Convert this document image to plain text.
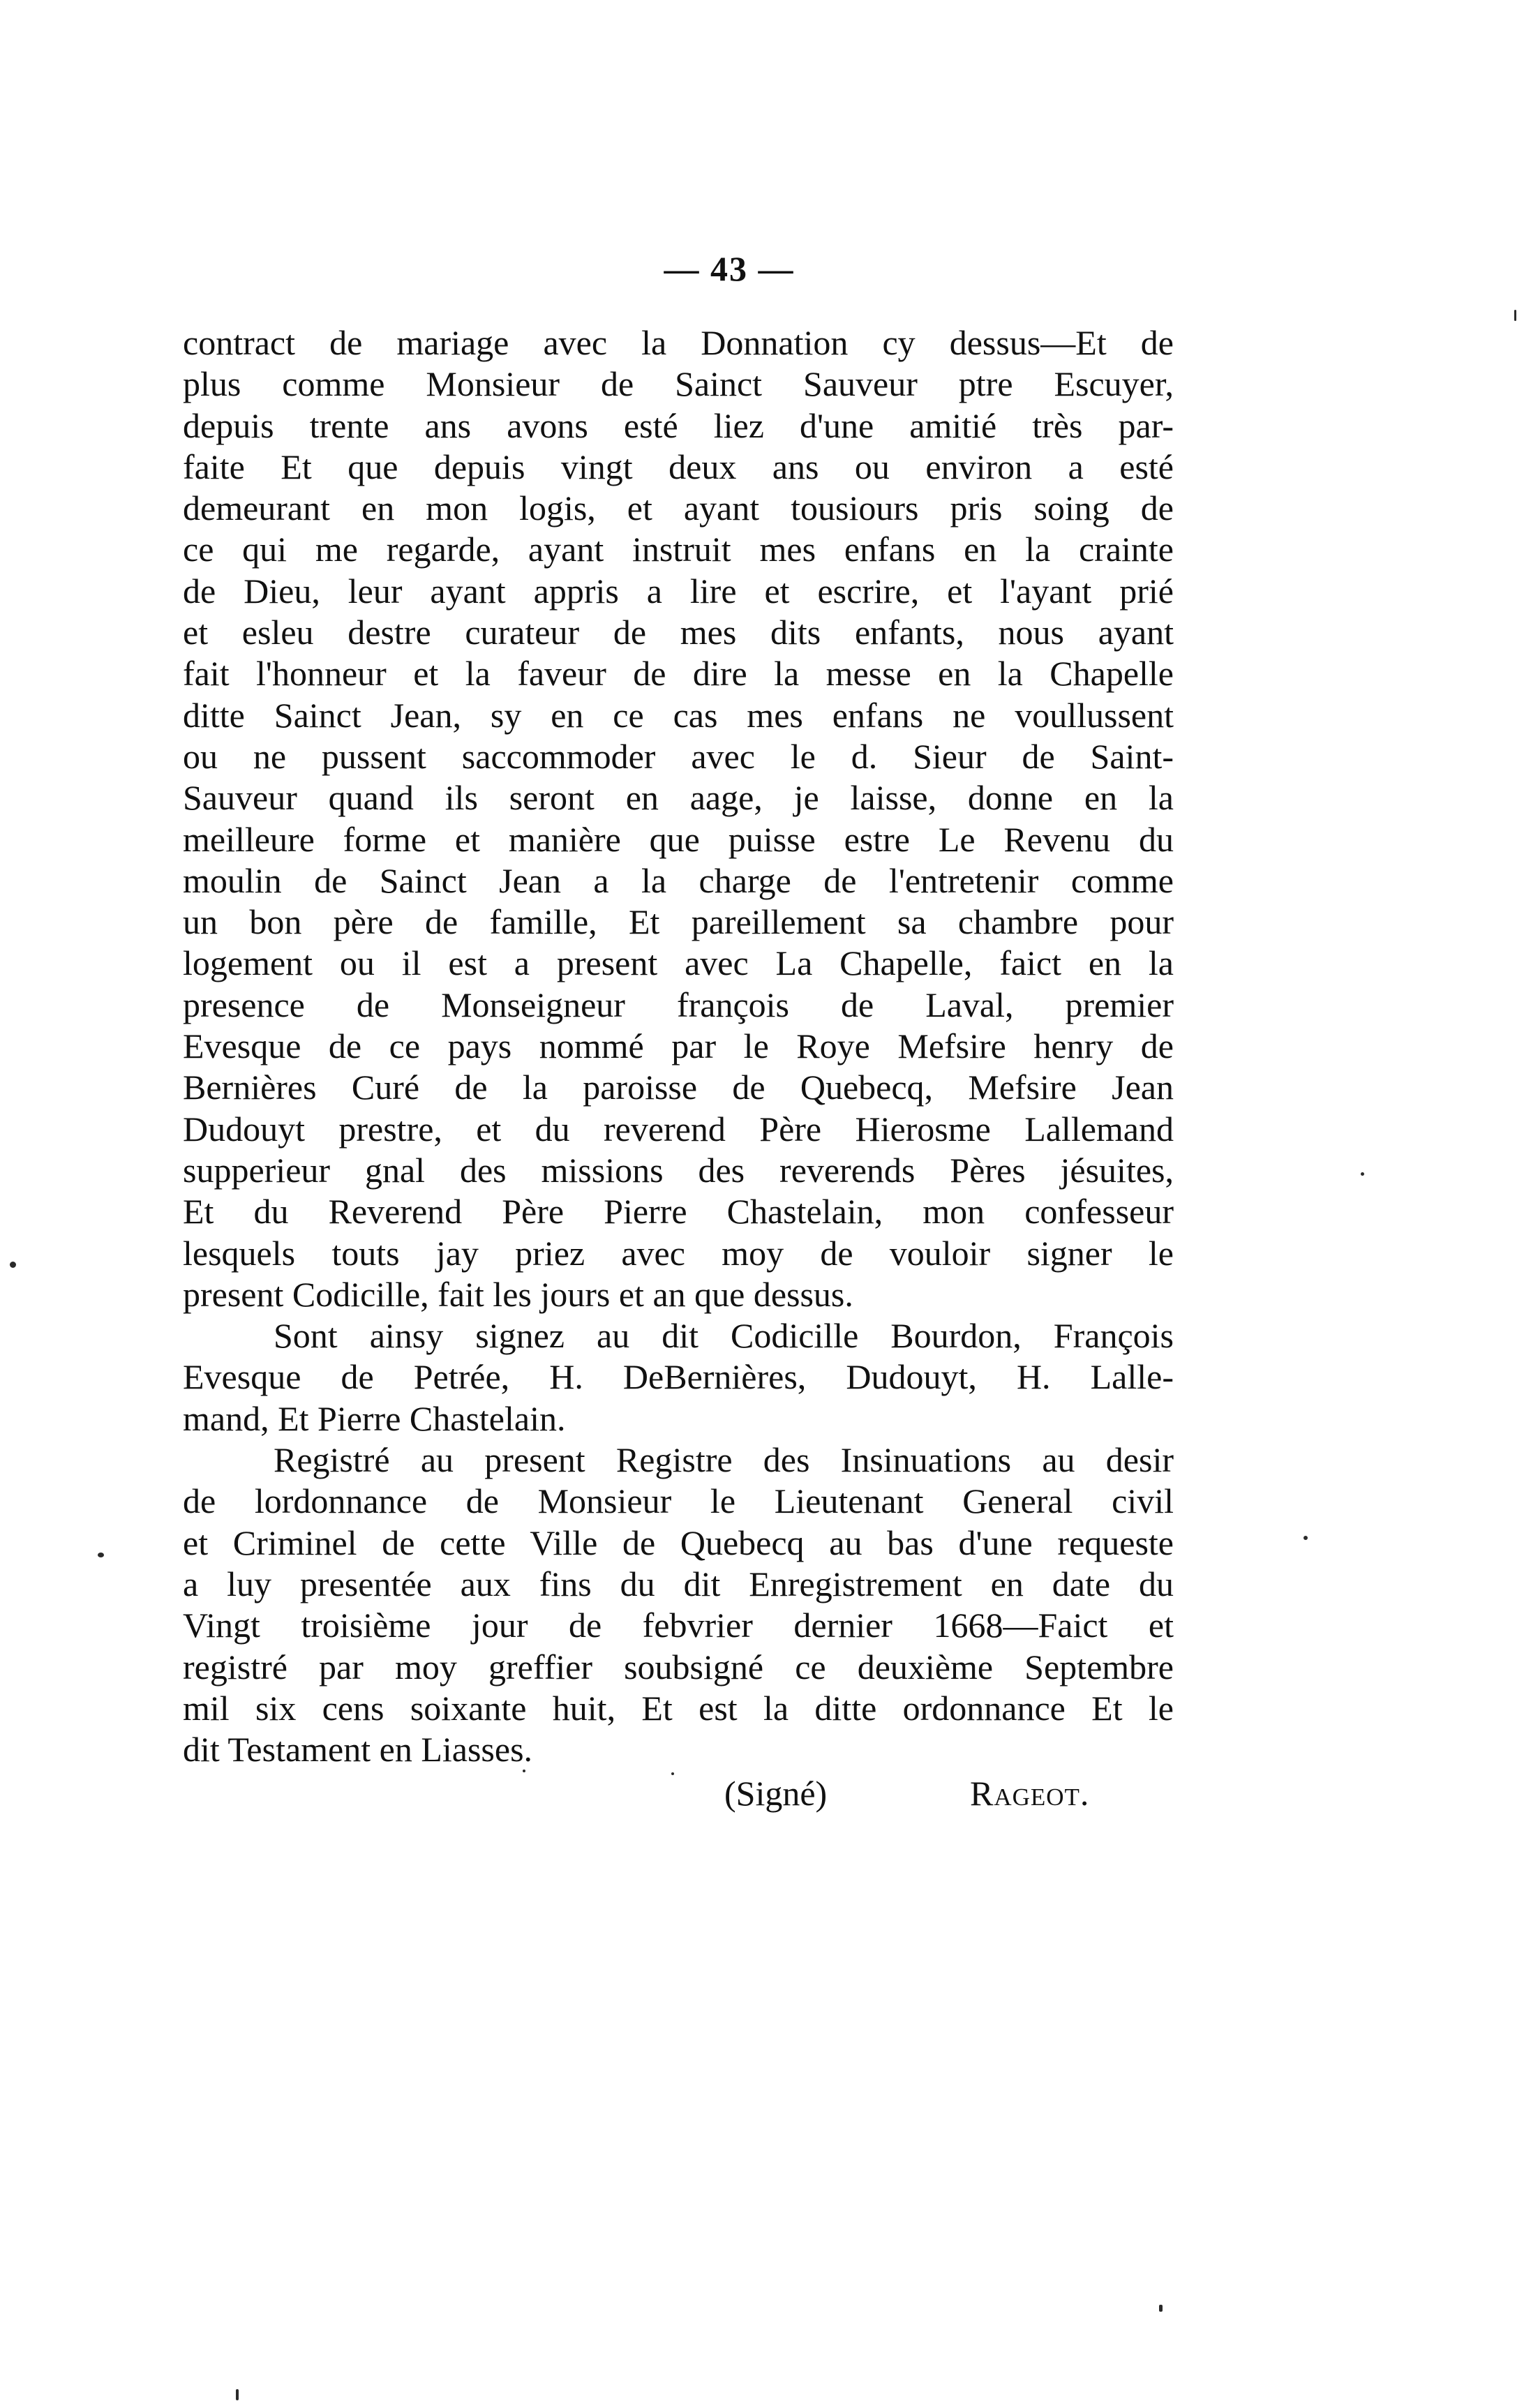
— 43 —
contract de mariage avec la Donnation cy dessus—Et de
plus comme Monsieur de Sainct Sauveur ptre Escuyer,
depuis trente ans avons esté liez d'une amitié très par-
faite Et que depuis vingt deux ans ou environ a esté
demeurant en mon logis, et ayant tousiours pris soing de
ce qui me regarde, ayant instruit mes enfans en la crainte
de Dieu, leur ayant appris a lire et escrire, et l'ayant prié
et esleu destre curateur de mes dits enfants, nous ayant
fait l'honneur et la faveur de dire la messe en la Chapelle
ditte Sainct Jean, sy en ce cas mes enfans ne voullussent
ou ne pussent saccommoder avec le d. Sieur de Saint-
Sauveur quand ils seront en aage, je laisse, donne en la
meilleure forme et manière que puisse estre Le Revenu du
moulin de Sainct Jean a la charge de l'entretenir comme
un bon père de famille, Et pareillement sa chambre pour
logement ou il est a present avec La Chapelle, faict en la
presence de Monseigneur françois de Laval, premier
Evesque de ce pays nommé par le Roye Mefsire henry de
Bernières Curé de la paroisse de Quebecq, Mefsire Jean
Dudouyt prestre, et du reverend Père Hierosme Lallemand
supperieur gnal des missions des reverends Pères jésuites,
Et du Reverend Père Pierre Chastelain, mon confesseur
lesquels touts jay priez avec moy de vouloir signer le
present Codicille, fait les jours et an que dessus.
Sont ainsy signez au dit Codicille Bourdon, François
Evesque de Petrée, H. DeBernières, Dudouyt, H. Lalle-
mand, Et Pierre Chastelain.
Registré au present Registre des Insinuations au desir
de lordonnance de Monsieur le Lieutenant General civil
et Criminel de cette Ville de Quebecq au bas d'une requeste
a luy presentée aux fins du dit Enregistrement en date du
Vingt troisième jour de febvrier dernier 1668—Faict et
registré par moy greffier soubsigné ce deuxième Septembre
mil six cens soixante huit, Et est la ditte ordonnance Et le
dit Testament en Liasses.
(Signé)	Rageot.
